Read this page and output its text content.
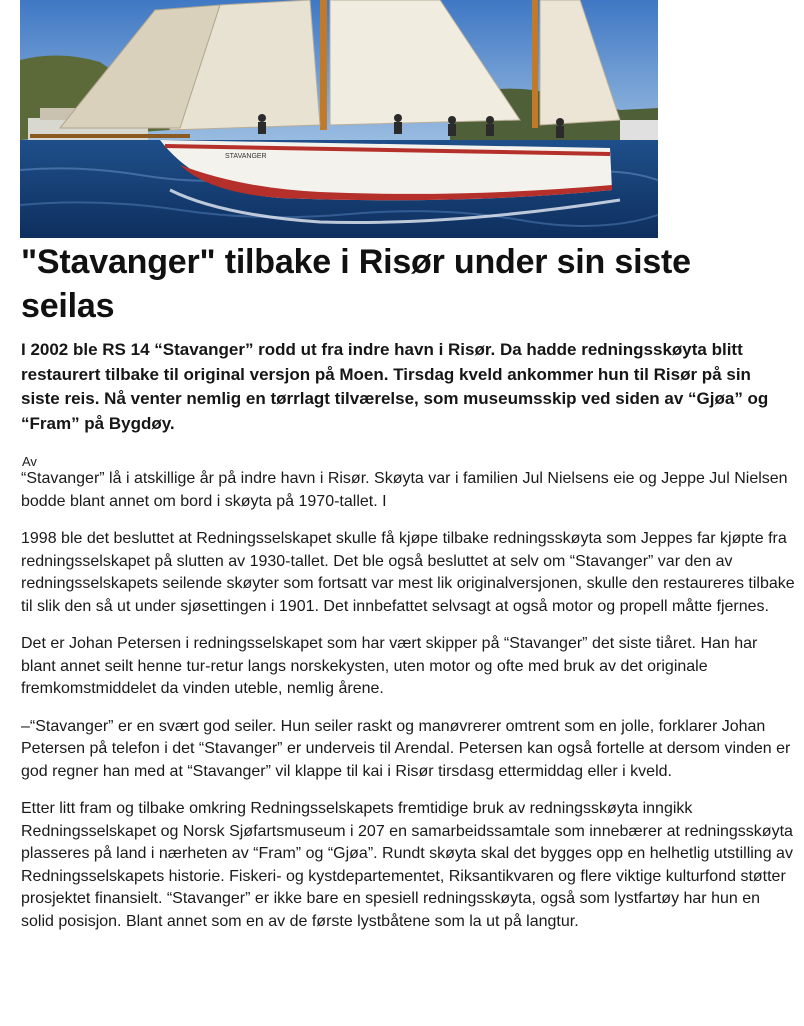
STAVANGER
"Stavanger" tilbake i Risør under sin siste seilas

I 2002 ble RS 14 “Stavanger” rodd ut fra indre havn i Risør. Da hadde redningsskøyta blitt restaurert tilbake til original versjon på Moen. Tirsdag kveld ankommer hun til Risør på sin siste reis. Nå venter nemlig en tørrlagt tilværelse, som museumsskip ved siden av “Gjøa” og “Fram” på Bygdøy.

Av

“Stavanger” lå i atskillige år på indre havn i Risør. Skøyta var i familien Jul Nielsens eie og Jeppe Jul Nielsen bodde blant annet om bord i skøyta på 1970-tallet. I

1998 ble det besluttet at Redningsselskapet skulle få kjøpe tilbake redningsskøyta som Jeppes far kjøpte fra redningsselskapet på slutten av 1930-tallet. Det ble også besluttet at selv om “Stavanger” var den av redningsselskapets seilende skøyter som fortsatt var mest lik originalversjonen, skulle den restaureres tilbake til slik den så ut under sjøsettingen i 1901. Det innbefattet selvsagt at også motor og propell måtte fjernes.

Det er Johan Petersen i redningsselskapet som har vært skipper på “Stavanger” det siste tiåret. Han har blant annet seilt henne tur-retur langs norskekysten, uten motor og ofte med bruk av det originale fremkomstmiddelet da vinden uteble, nemlig årene.

–“Stavanger” er en svært god seiler. Hun seiler raskt og manøvrerer omtrent som en jolle, forklarer Johan Petersen på telefon i det “Stavanger” er underveis til Arendal. Petersen kan også fortelle at dersom vinden er god regner han med at “Stavanger” vil klappe til kai i Risør tirsdasg ettermiddag eller i kveld.

Etter litt fram og tilbake omkring Redningsselskapets fremtidige bruk av redningsskøyta inngikk Redningsselskapet og Norsk Sjøfartsmuseum i 207 en samarbeidssamtale som innebærer at redningsskøyta plasseres på land i nærheten av “Fram” og “Gjøa”. Rundt skøyta skal det bygges opp en helhetlig utstilling av Redningsselskapets historie. Fiskeri- og kystdepartementet, Riksantikvaren og flere viktige kulturfond støtter prosjektet finansielt. “Stavanger” er ikke bare en spesiell redningsskøyta, også som lystfartøy har hun en solid posisjon. Blant annet som en av de første lystbåtene som la ut på langtur.
